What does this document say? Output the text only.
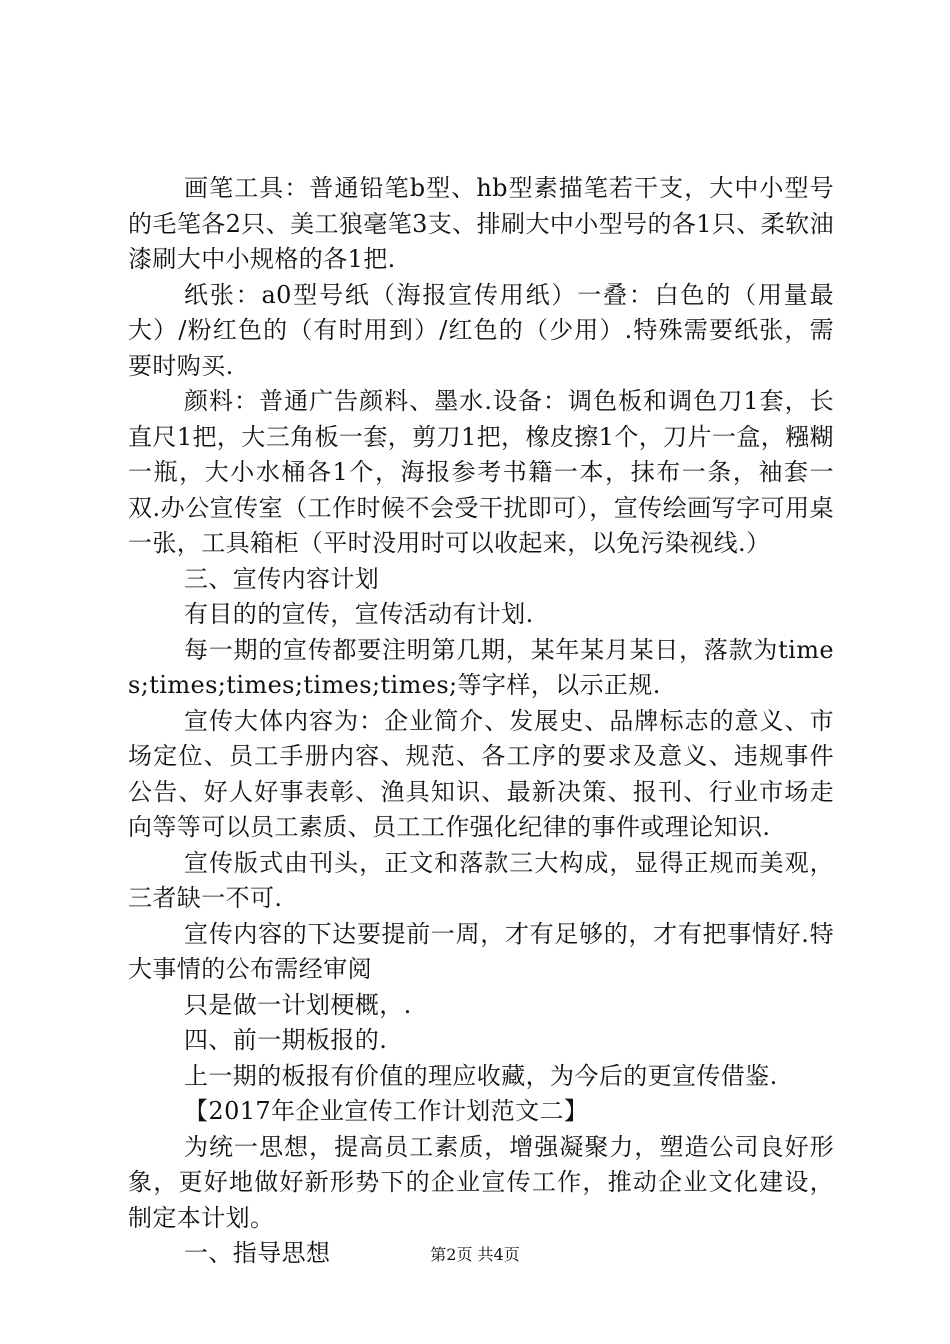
画笔工具：普通铅笔b型、hb型素描笔若干支，大中小型号的毛笔各2只、美工狼毫笔3支、排刷大中小型号的各1只、柔软油漆刷大中小规格的各1把.

纸张：a0型号纸（海报宣传用纸）一叠：白色的（用量最大）/粉红色的（有时用到）/红色的（少用）.特殊需要纸张，需要时购买.

颜料：普通广告颜料、墨水.设备：调色板和调色刀1套，长直尺1把，大三角板一套，剪刀1把，橡皮擦1个，刀片一盒，糨糊一瓶，大小水桶各1个，海报参考书籍一本，抹布一条，袖套一双.办公宣传室（工作时候不会受干扰即可），宣传绘画写字可用桌一张，工具箱柜（平时没用时可以收起来，以免污染视线.）

三、宣传内容计划

有目的的宣传，宣传活动有计划.

每一期的宣传都要注明第几期，某年某月某日，落款为times;times;times;times;times;等字样，以示正规.

宣传大体内容为：企业简介、发展史、品牌标志的意义、市场定位、员工手册内容、规范、各工序的要求及意义、违规事件公告、好人好事表彰、渔具知识、最新决策、报刊、行业市场走向等等可以员工素质、员工工作强化纪律的事件或理论知识.

宣传版式由刊头，正文和落款三大构成，显得正规而美观，三者缺一不可.

宣传内容的下达要提前一周，才有足够的，才有把事情好.特大事情的公布需经审阅

只是做一计划梗概，.

四、前一期板报的.

上一期的板报有价值的理应收藏，为今后的更宣传借鉴.

【2017年企业宣传工作计划范文二】

为统一思想，提高员工素质，增强凝聚力，塑造公司良好形象，更好地做好新形势下的企业宣传工作，推动企业文化建设，制定本计划。

一、指导思想	第2页 共4页
